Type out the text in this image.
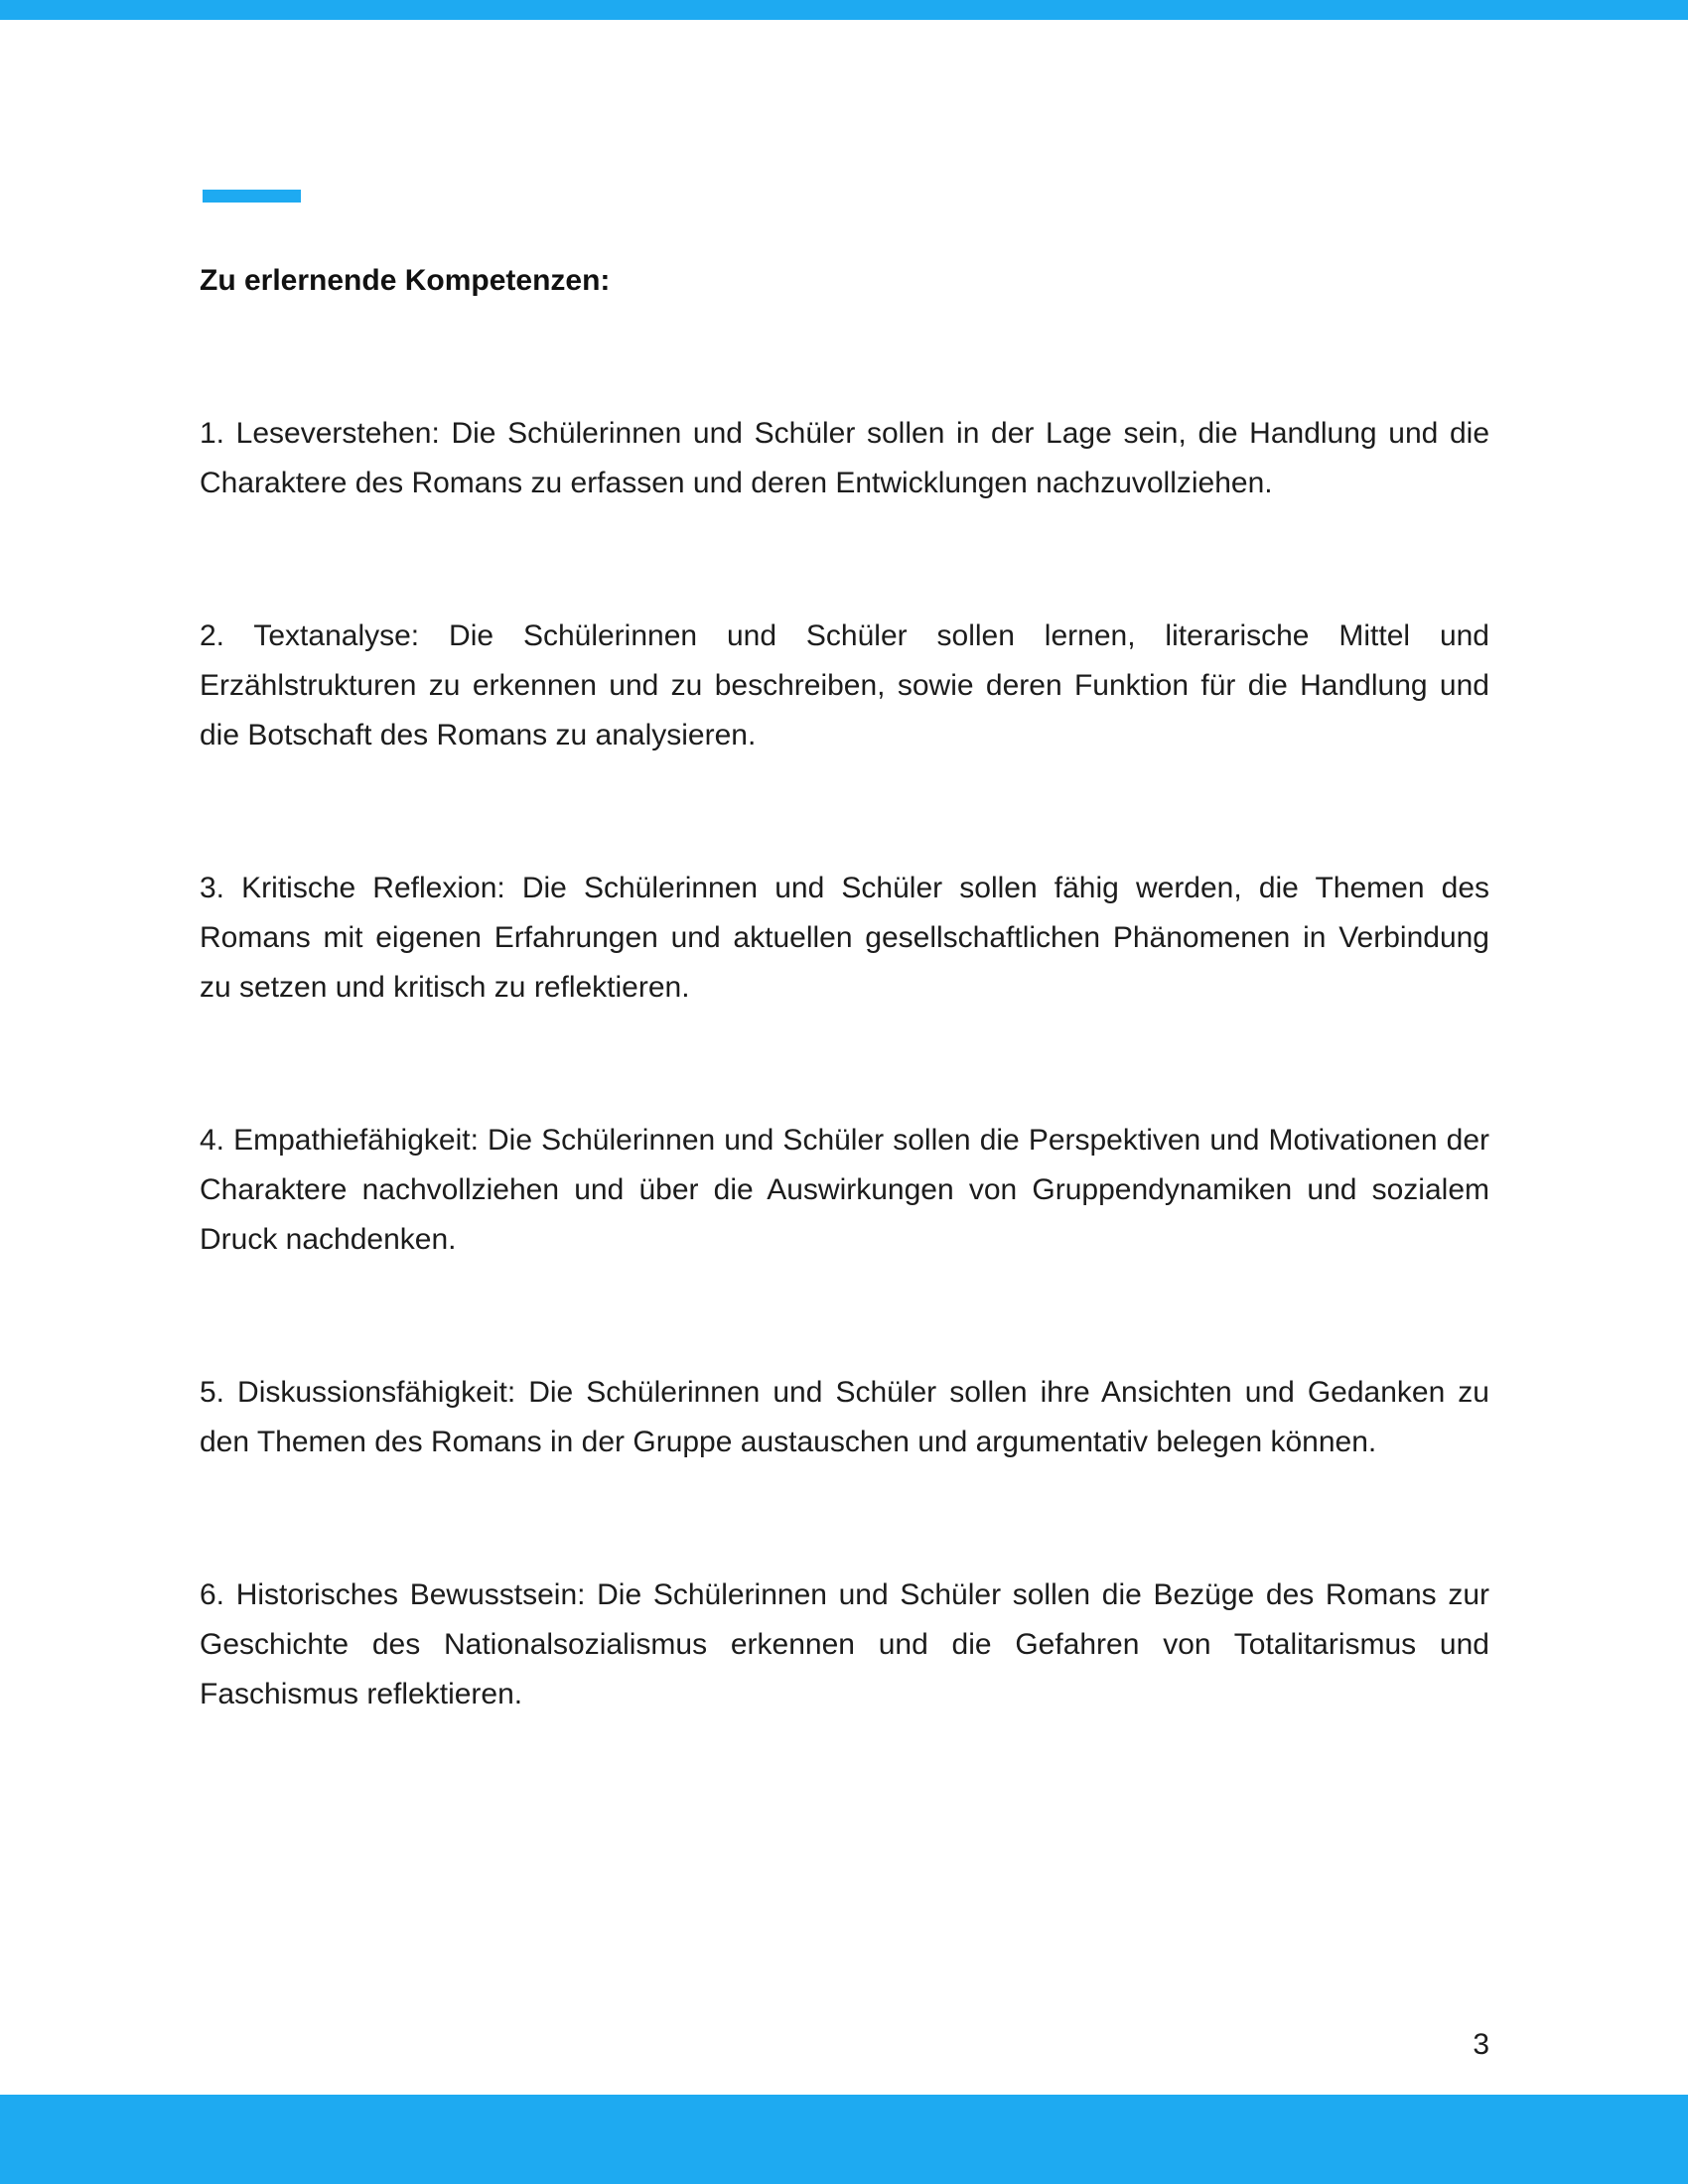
Zu erlernende Kompetenzen:

1. Leseverstehen: Die Schülerinnen und Schüler sollen in der Lage sein, die Handlung und die Charaktere des Romans zu erfassen und deren Entwicklungen nachzuvollziehen.

2. Textanalyse: Die Schülerinnen und Schüler sollen lernen, literarische Mittel und Erzählstrukturen zu erkennen und zu beschreiben, sowie deren Funktion für die Handlung und die Botschaft des Romans zu analysieren.

3. Kritische Reflexion: Die Schülerinnen und Schüler sollen fähig werden, die Themen des Romans mit eigenen Erfahrungen und aktuellen gesellschaftlichen Phänomenen in Verbindung zu setzen und kritisch zu reflektieren.

4. Empathiefähigkeit: Die Schülerinnen und Schüler sollen die Perspektiven und Motivationen der Charaktere nachvollziehen und über die Auswirkungen von Gruppendynamiken und sozialem Druck nachdenken.

5. Diskussionsfähigkeit: Die Schülerinnen und Schüler sollen ihre Ansichten und Gedanken zu den Themen des Romans in der Gruppe austauschen und argumentativ belegen können.

6. Historisches Bewusstsein: Die Schülerinnen und Schüler sollen die Bezüge des Romans zur Geschichte des Nationalsozialismus erkennen und die Gefahren von Totalitarismus und Faschismus reflektieren.

3
